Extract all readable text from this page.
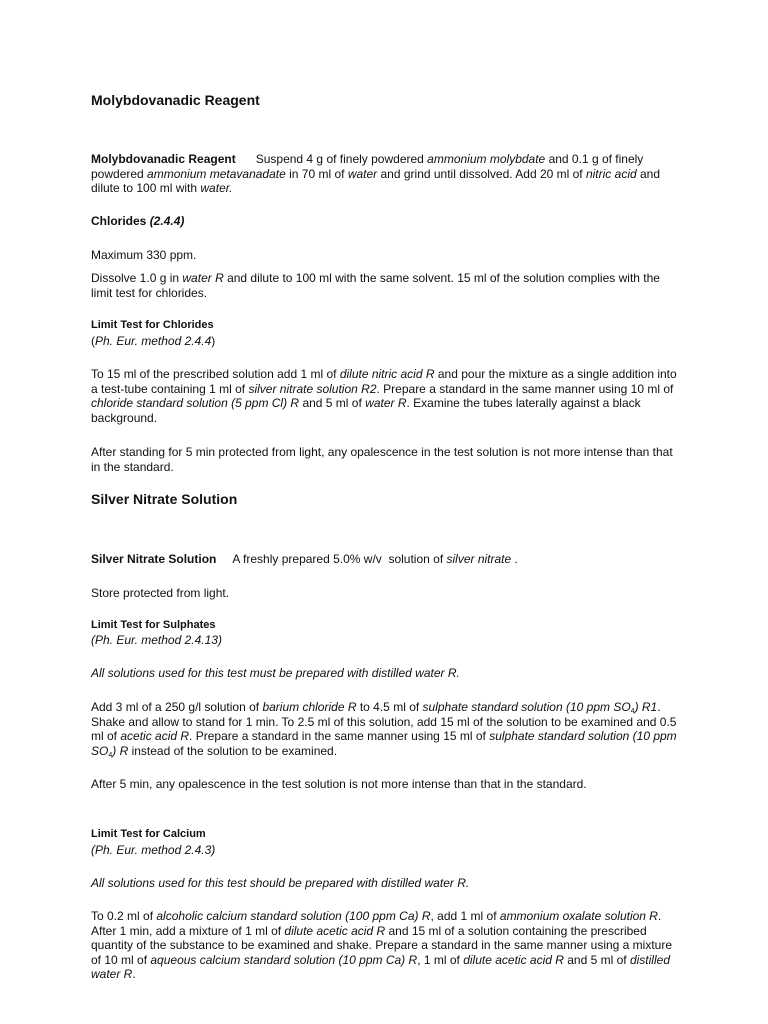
Molybdovanadic Reagent

Molybdovanadic Reagent Suspend 4 g of finely powdered ammonium molybdate and 0.1 g of finely powdered ammonium metavanadate in 70 ml of water and grind until dissolved. Add 20 ml of nitric acid and dilute to 100 ml with water.

Chlorides (2.4.4)

Maximum 330 ppm.

Dissolve 1.0 g in water R and dilute to 100 ml with the same solvent. 15 ml of the solution complies with the limit test for chlorides.

Limit Test for Chlorides

(Ph. Eur. method 2.4.4)

To 15 ml of the prescribed solution add 1 ml of dilute nitric acid R and pour the mixture as a single addition into a test-tube containing 1 ml of silver nitrate solution R2. Prepare a standard in the same manner using 10 ml of chloride standard solution (5 ppm Cl) R and 5 ml of water R. Examine the tubes laterally against a black background.

After standing for 5 min protected from light, any opalescence in the test solution is not more intense than that in the standard.

Silver Nitrate Solution

Silver Nitrate Solution     A freshly prepared 5.0% w/v  solution of silver nitrate .

Store protected from light.

Limit Test for Sulphates

(Ph. Eur. method 2.4.13)

All solutions used for this test must be prepared with distilled water R.

Add 3 ml of a 250 g/l solution of barium chloride R to 4.5 ml of sulphate standard solution (10 ppm $SO_4$) R1. Shake and allow to stand for 1 min. To 2.5 ml of this solution, add 15 ml of the solution to be examined and 0.5 ml of acetic acid R. Prepare a standard in the same manner using 15 ml of sulphate standard solution (10 ppm $SO_4$) R instead of the solution to be examined.

After 5 min, any opalescence in the test solution is not more intense than that in the standard.

Limit Test for Calcium

(Ph. Eur. method 2.4.3)

All solutions used for this test should be prepared with distilled water R.

To 0.2 ml of alcoholic calcium standard solution (100 ppm Ca) R, add 1 ml of ammonium oxalate solution R. After 1 min, add a mixture of 1 ml of dilute acetic acid R and 15 ml of a solution containing the prescribed quantity of the substance to be examined and shake. Prepare a standard in the same manner using a mixture of 10 ml of aqueous calcium standard solution (10 ppm Ca) R, 1 ml of dilute acetic acid R and 5 ml of distilled water R.
